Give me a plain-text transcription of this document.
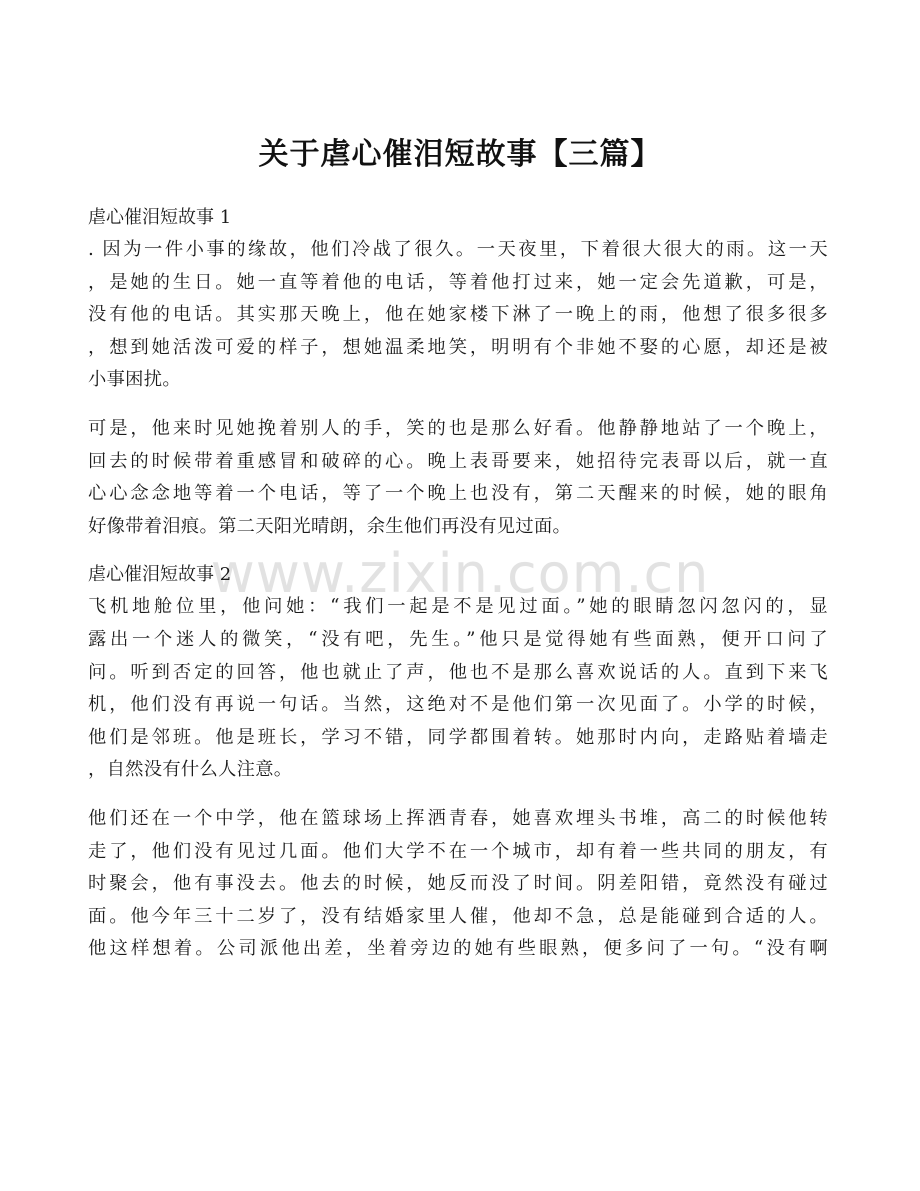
www.zixin.com.cn
关于虐心催泪短故事【三篇】
虐心催泪短故事 1

. 因为一件小事的缘故，他们冷战了很久。一天夜里，下着很大很大的雨。这一天
，是她的生日。她一直等着他的电话，等着他打过来，她一定会先道歉，可是，
没有他的电话。其实那天晚上，他在她家楼下淋了一晚上的雨，他想了很多很多
，想到她活泼可爱的样子，想她温柔地笑，明明有个非她不娶的心愿，却还是被
小事困扰。

可是，他来时见她挽着别人的手，笑的也是那么好看。他静静地站了一个晚上，
回去的时候带着重感冒和破碎的心。晚上表哥要来，她招待完表哥以后，就一直
心心念念地等着一个电话，等了一个晚上也没有，第二天醒来的时候，她的眼角
好像带着泪痕。第二天阳光晴朗，余生他们再没有见过面。

虐心催泪短故事 2

飞机地舱位里，他问她：“我们一起是不是见过面。”她的眼睛忽闪忽闪的，显
露出一个迷人的微笑，“没有吧，先生。”他只是觉得她有些面熟，便开口问了
问。听到否定的回答，他也就止了声，他也不是那么喜欢说话的人。直到下来飞
机，他们没有再说一句话。当然，这绝对不是他们第一次见面了。小学的时候，
他们是邻班。他是班长，学习不错，同学都围着转。她那时内向，走路贴着墙走
，自然没有什么人注意。

他们还在一个中学，他在篮球场上挥洒青春，她喜欢埋头书堆，高二的时候他转
走了，他们没有见过几面。他们大学不在一个城市，却有着一些共同的朋友，有
时聚会，他有事没去。他去的时候，她反而没了时间。阴差阳错，竟然没有碰过
面。他今年三十二岁了，没有结婚家里人催，他却不急，总是能碰到合适的人。
他这样想着。公司派他出差，坐着旁边的她有些眼熟，便多问了一句。“没有啊
